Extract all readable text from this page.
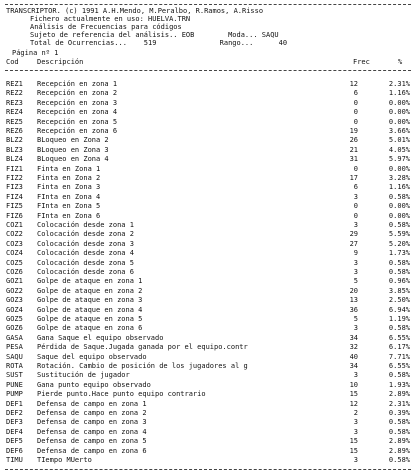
TRANSCRIPTOR. (c) 1991 A.H.Mendo, M.Peralbo, R.Ramos, A.Risso
Fichero actualmente en uso: HUELVA.TRN
Análisis de Frecuencias para códigos
Sujeto de referencia del análisis.. EOB        Moda... SAQU
Total de Ocurrencias...    519               Rango...      40
Página nº 1
Cod	Descripción	Frec	%
REZ1 Recepción en zona 1	12	2.31%
REZ2 Recepción en zona 2	6	1.16%
REZ3 Recepción en zona 3	0	0.00%
REZ4 Recepción en zona 4	0	0.00%
REZ5 Recepción en zona 5	0	0.00%
REZ6 Recepción en zona 6	19	3.66%
BLZ2 BLoqueo en Zona 2	26	5.01%
BLZ3 BLoqueo en Zona 3	21	4.05%
BLZ4 BLoqueo en Zona 4	31	5.97%
FIZ1 Finta en Zona 1	0	0.00%
FIZ2 Finta en Zona 2	17	3.28%
FIZ3 Finta en Zona 3	6	1.16%
FIZ4 FInta en Zona 4	3	0.58%
FIZ5 FInta en Zona 5	0	0.00%
FIZ6 FInta en Zona 6	0	0.00%
COZ1 Colocación desde zona 1	3	0.58%
COZ2 Colocación desde zona 2	29	5.59%
COZ3 Colocación desde zona 3	27	5.20%
COZ4 Colocación desde zona 4	9	1.73%
COZ5 Colocación desde zona 5	3	0.58%
COZ6 Colocación desde zona 6	3	0.58%
GOZ1 Golpe de ataque en zona 1	5	0.96%
GOZ2 Golpe de ataque en zona 2	20	3.85%
GOZ3 Golpe de ataque en zona 3	13	2.50%
GOZ4 Golpe de ataque en zona 4	36	6.94%
GOZ5 Golpe de ataque en zona 5	5	1.19%
GOZ6 Golpe de ataque en zona 6	3	0.58%
GASA Gana Saque el equipo observado	34	6.55%
PESA Pérdida de Saque.Jugada ganada por el equipo.contr	32	6.17%
SAQU Saque del equipo observado	40	7.71%
ROTA Rotación. Cambio de posición de los jugadores al g	34	6.55%
SUST Sustitución de jugador	3	0.58%
PUNE Gana punto equipo observado	10	1.93%
PUMP Pierde punto.Hace punto equipo contrario	15	2.89%
DEF1 Defensa de campo en zona 1	12	2.31%
DEF2 Defensa de campo en zona 2	2	0.39%
DEF3 Defensa de campo en zona 3	3	0.58%
DEF4 Defensa de campo en zona 4	3	0.58%
DEF5 Defensa de campo en zona 5	15	2.89%
DEF6 Defensa de campo en zona 6	15	2.89%
TIMU TIempo MUerto	3	0.58%
